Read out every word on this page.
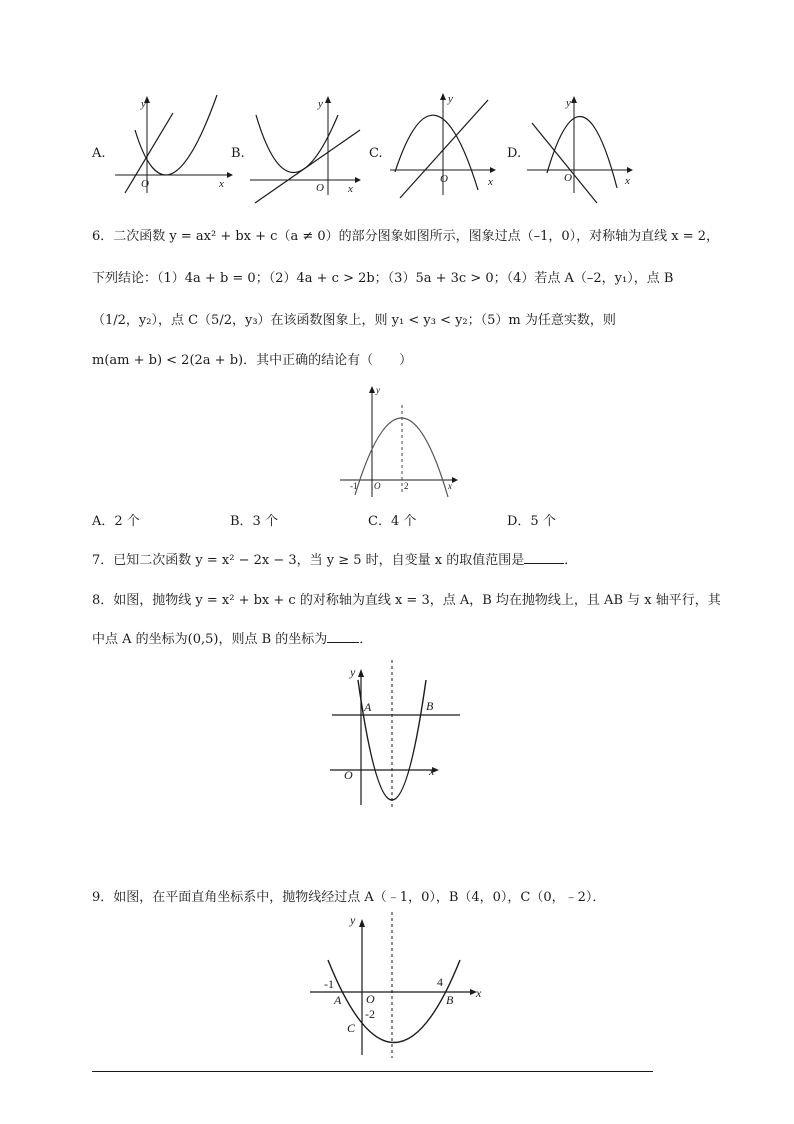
A.
O	x
y
B.
O x
y
C.
O	x
y
D.
O	x
y
6．二次函数 y = ax² + bx + c（a ≠ 0）的部分图象如图所示，图象过点（–1，0），对称轴为直线 x = 2，
下列结论：（1）4a + b = 0；（2）4a + c > 2b；（3）5a + 3c > 0；（4）若点 A（–2，y₁），点 B
（1/2，y₂），点 C（5/2，y₃）在该函数图象上，则 y₁ < y₃ < y₂；（5）m 为任意实数，则
m(am + b) < 2(2a + b)．其中正确的结论有（　　）
-1 O	2	x
y
A．2 个	B．3 个	C．4 个	D．5 个
7．已知二次函数 y = x² − 2x − 3，当 y ≥ 5 时，自变量 x 的取值范围是	．
8．如图，抛物线 y = x² + bx + c 的对称轴为直线 x = 3，点 A，B 均在抛物线上，且 AB 与 x 轴平行，其
中点 A 的坐标为(0,5)，则点 B 的坐标为 ．
y
x
O
A	B
9．如图，在平面直角坐标系中，抛物线经过点 A（﹣1，0），B（4，0），C（0，﹣2）．
y
x
-1	4
O
A	B
-2
C
